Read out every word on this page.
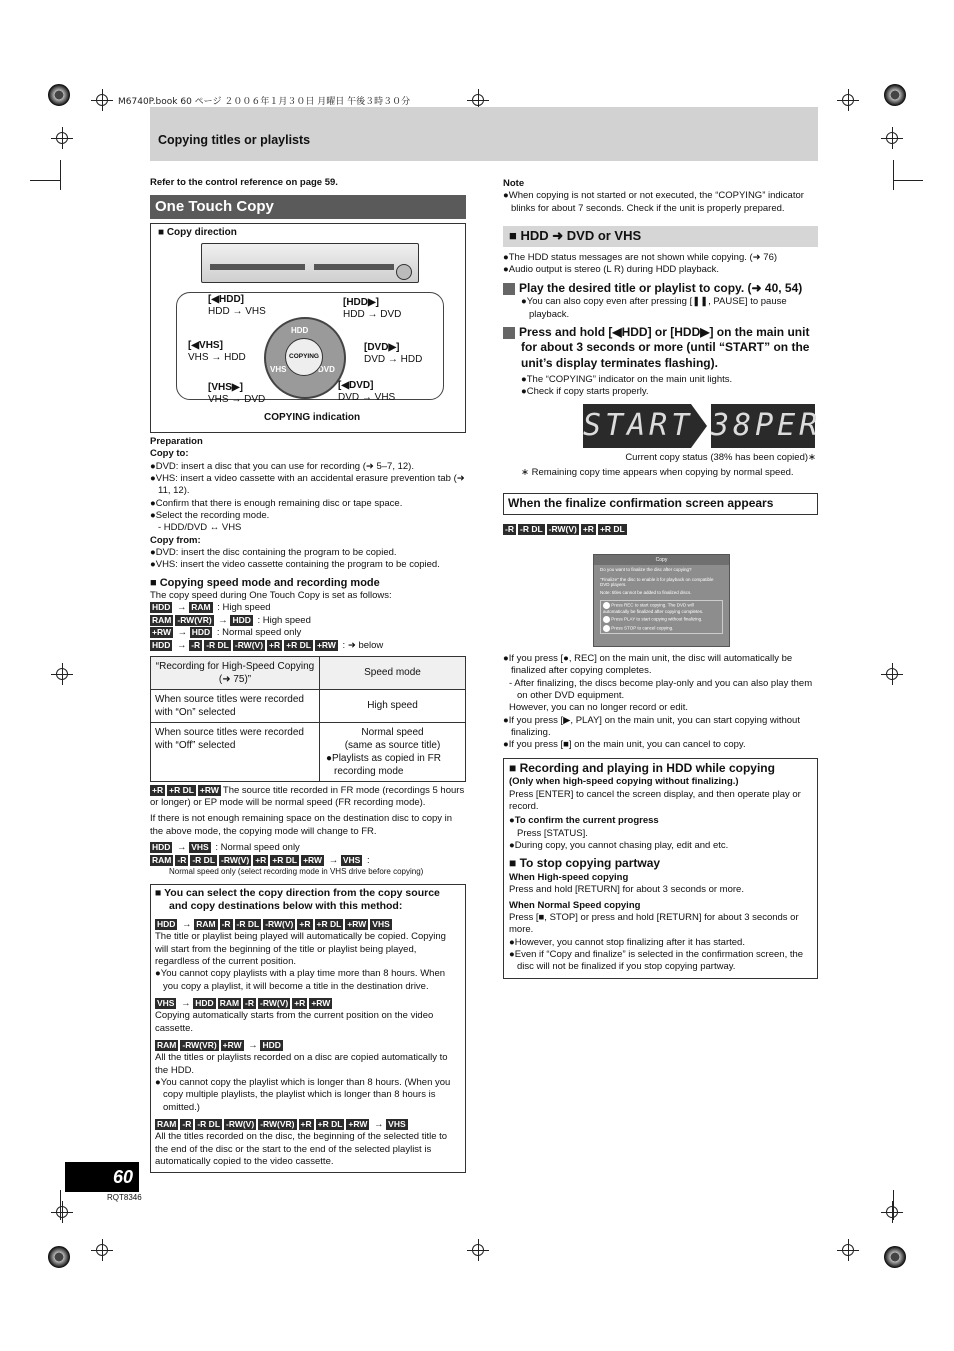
M6740P.book 60 ページ ２００６年１月３０日 月曜日 午後３時３０分
Copying titles or playlists
Refer to the control reference on page 59.
One Touch Copy
■ Copy direction
[◀HDD]
HDD → VHS
[HDD▶]
HDD → DVD
[◀VHS]
VHS → HDD
[DVD▶]
DVD → HDD
[VHS▶]
VHS → DVD
[◀DVD]
DVD → VHS
HDD
VHS	DVD
COPYING
COPYING indication
Preparation
Copy to:
●DVD: insert a disc that you can use for recording (➜ 5–7, 12).
●VHS: insert a video cassette with an accidental erasure prevention tab (➜ 11, 12).
●Confirm that there is enough remaining disc or tape space.
●Select the recording mode.
- HDD/DVD ↔ VHS
Copy from:
●DVD: insert the disc containing the program to be copied.
●VHS: insert the video cassette containing the program to be copied.
■ Copying speed mode and recording mode
The copy speed during One Touch Copy is set as follows:
HDD → RAM : High speed
RAM -RW(VR) → HDD : High speed
+RW → HDD : Normal speed only
HDD → -R -R DL -RW(V) +R +R DL +RW : ➜ below
“Recording for High-Speed Copying (➜ 75)”	Speed mode
When source titles were recorded with “On” selected	High speed
When source titles were recorded with “Off” selected	Normal speed
(same as source title)
●Playlists as copied in FR recording mode
+R +R DL +RW The source title recorded in FR mode (recordings 5 hours or longer) or EP mode will be normal speed (FR recording mode).
If there is not enough remaining space on the destination disc to copy in the above mode, the copying mode will change to FR.
HDD → VHS : Normal speed only
RAM -R -R DL -RW(V) +R +R DL +RW → VHS :
Normal speed only (select recording mode in VHS drive before copying)
■ You can select the copy direction from the copy source and copy destinations below with this method:
HDD → RAM -R -R DL -RW(V) +R +R DL +RW VHS
The title or playlist being played will automatically be copied. Copying will start from the beginning of the title or playlist being played, regardless of the current position.
●You cannot copy playlists with a play time more than 8 hours. When you copy a playlist, it will become a title in the destination drive.
VHS → HDD RAM -R -RW(V) +R +RW
Copying automatically starts from the current position on the video cassette.
RAM -RW(VR) +RW → HDD
All the titles or playlists recorded on a disc are copied automatically to the HDD.
●You cannot copy the playlist which is longer than 8 hours. (When you copy multiple playlists, the playlist which is longer than 8 hours is omitted.)
RAM -R -R DL -RW(V) -RW(VR) +R +R DL +RW → VHS
All the titles recorded on the disc, the beginning of the selected title to the end of the disc or the start to the end of the selected playlist is automatically copied to the video cassette.
Note
●When copying is not started or not executed, the “COPYING” indicator blinks for about 7 seconds. Check if the unit is properly prepared.
■ HDD ➜ DVD or VHS
●The HDD status messages are not shown while copying. (➜ 76)
●Audio output is stereo (L R) during HDD playback.
1 Play the desired title or playlist to copy. (➜ 40, 54)
●You can also copy even after pressing [❚❚, PAUSE] to pause playback.
2 Press and hold [◀HDD] or [HDD▶] on the main unit for about 3 seconds or more (until “START” on the unit’s display terminates flashing).
●The “COPYING” indicator on the main unit lights.
●Check if copy starts properly.
START 38PER
Current copy status (38% has been copied)∗
∗ Remaining copy time appears when copying by normal speed.
When the finalize confirmation screen appears
-R -R DL -RW(V) +R +R DL
Copy
Do you want to finalize the disc after copying?
"Finalize" the disc to enable it for playback on compatible DVD players.
Note: titles cannot be added to finalized discs.
Press REC to start copying. The DVD will automatically be finalized after copying completes.
Press PLAY to start copying without finalizing.
Press STOP to cancel copying.
●If you press [●, REC] on the main unit, the disc will automatically be finalized after copying completes.
- After finalizing, the discs become play-only and you can also play them on other DVD equipment.
However, you can no longer record or edit.
●If you press [▶, PLAY] on the main unit, you can start copying without finalizing.
●If you press [■] on the main unit, you can cancel to copy.
■ Recording and playing in HDD while copying
(Only when high-speed copying without finalizing.)
Press [ENTER] to cancel the screen display, and then operate play or record.
●To confirm the current progress
Press [STATUS].
●During copy, you cannot chasing play, edit and etc.
■ To stop copying partway
When High-speed copying
Press and hold [RETURN] for about 3 seconds or more.
When Normal Speed copying
Press [■, STOP] or press and hold [RETURN] for about 3 seconds or more.
●However, you cannot stop finalizing after it has started.
●Even if “Copy and finalize” is selected in the confirmation screen, the disc will not be finalized if you stop copying partway.
60
RQT8346
